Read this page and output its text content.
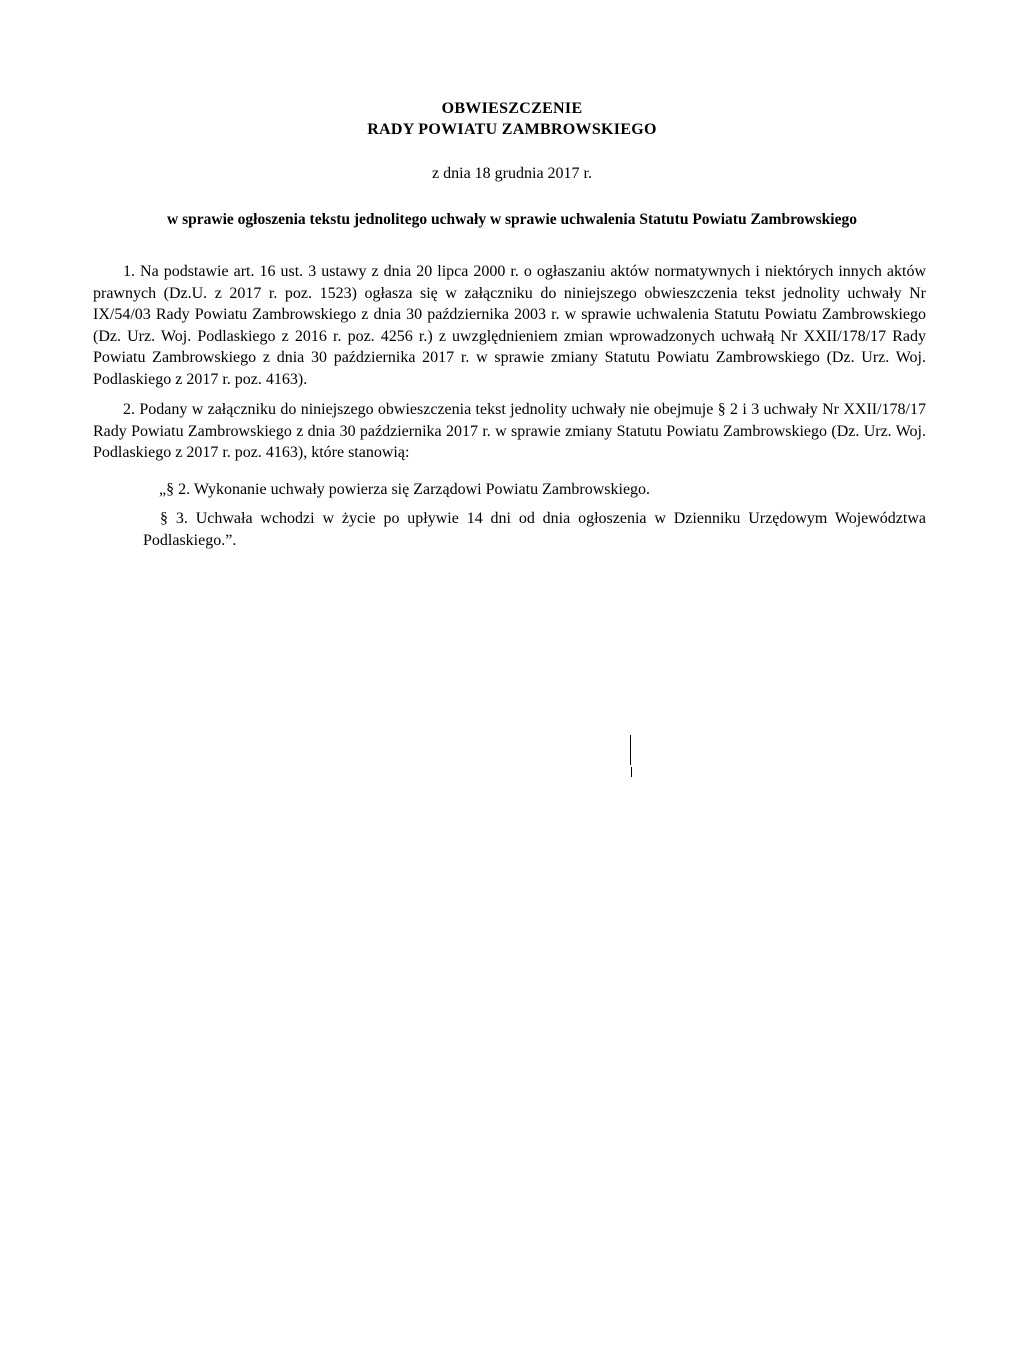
OBWIESZCZENIE
RADY POWIATU ZAMBROWSKIEGO
z dnia 18 grudnia 2017 r.
w sprawie ogłoszenia tekstu jednolitego uchwały w sprawie uchwalenia Statutu Powiatu Zambrowskiego

1. Na podstawie art. 16 ust. 3 ustawy z dnia 20 lipca 2000 r. o ogłaszaniu aktów normatywnych i niektórych innych aktów prawnych (Dz.U. z 2017 r. poz. 1523) ogłasza się w załączniku do niniejszego obwieszczenia tekst jednolity uchwały Nr IX/54/03 Rady Powiatu Zambrowskiego z dnia 30 października 2003 r. w sprawie uchwalenia Statutu Powiatu Zambrowskiego (Dz. Urz. Woj. Podlaskiego z 2016 r. poz. 4256 r.) z uwzględnieniem zmian wprowadzonych uchwałą Nr XXII/178/17 Rady Powiatu Zambrowskiego z dnia 30 października 2017 r. w sprawie zmiany Statutu Powiatu Zambrowskiego (Dz. Urz. Woj. Podlaskiego z 2017 r. poz. 4163).

2. Podany w załączniku do niniejszego obwieszczenia tekst jednolity uchwały nie obejmuje § 2 i 3 uchwały Nr XXII/178/17 Rady Powiatu Zambrowskiego z dnia 30 października 2017 r. w sprawie zmiany Statutu Powiatu Zambrowskiego (Dz. Urz. Woj. Podlaskiego z 2017 r. poz. 4163), które stanowią:

„§ 2. Wykonanie uchwały powierza się Zarządowi Powiatu Zambrowskiego.

§ 3. Uchwała wchodzi w życie po upływie 14 dni od dnia ogłoszenia w Dzienniku Urzędowym Województwa Podlaskiego.”.
